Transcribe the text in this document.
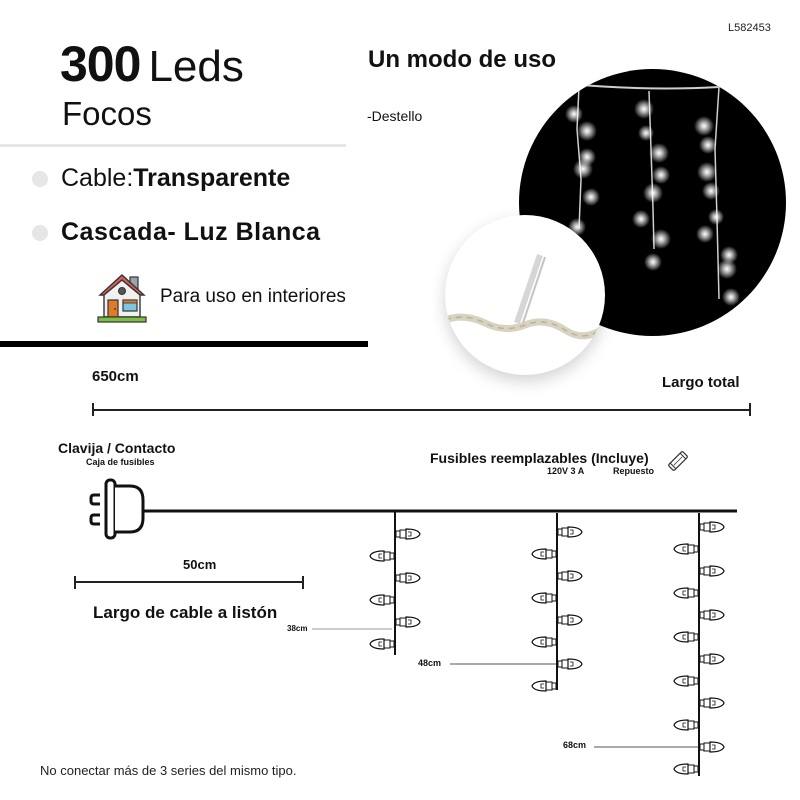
L582453
300 Leds
Focos
Cable: Transparente
Cascada- Luz Blanca
Para uso en interiores
Un modo de uso
-Destello
650cm	Largo total
Clavija / Contacto
Caja de fusibles	Fusibles reemplazables (Incluye)
120V 3 A	Repuesto
38cm
48cm
68cm
50cm
Largo de cable a listón
No conectar más de 3 series del mismo tipo.
